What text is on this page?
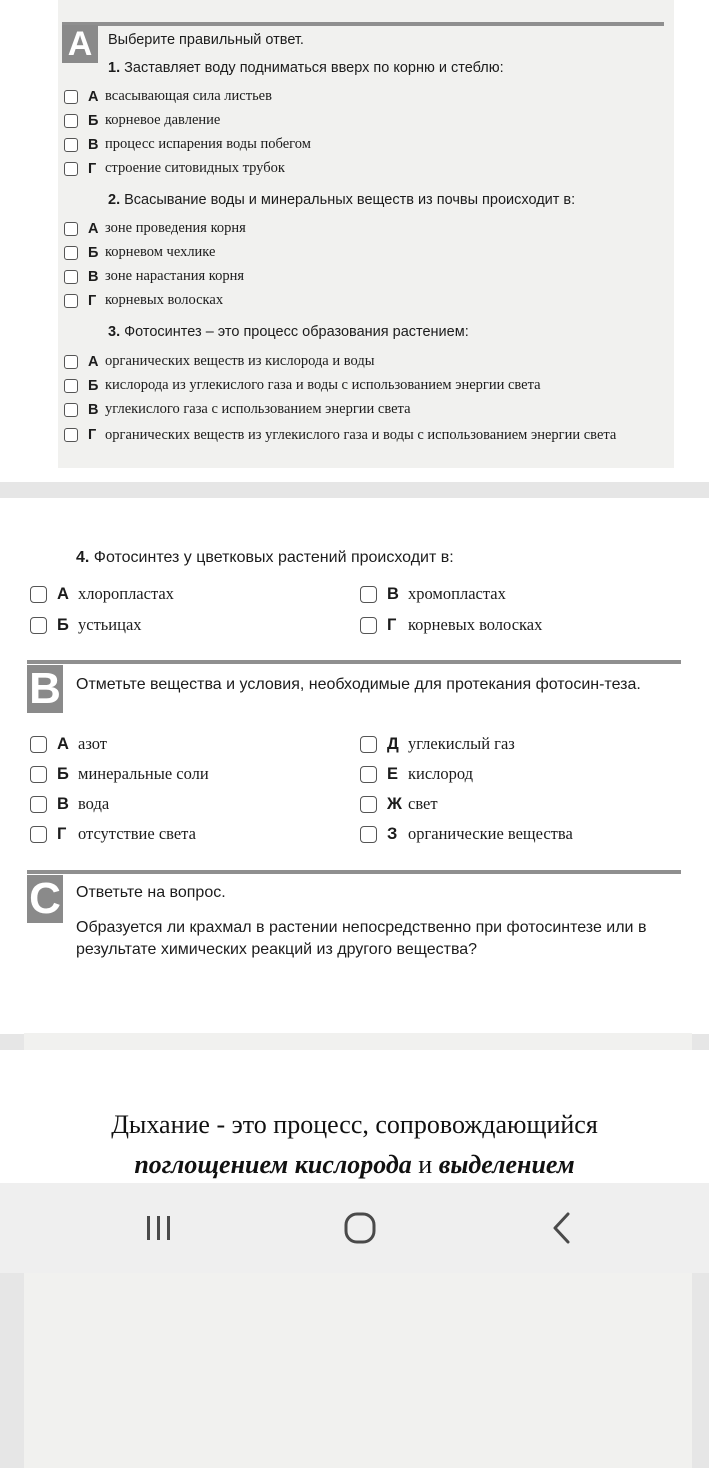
A	Выберите правильный ответ.
1. Заставляет воду подниматься вверх по корню и стеблю:
А всасывающая сила листьев
Б корневое давление
В процесс испарения воды побегом
Г строение ситовидных трубок
2. Всасывание воды и минеральных веществ из почвы происходит в:
А зоне проведения корня
Б корневом чехлике
В зоне нарастания корня
Г корневых волосках
3. Фотосинтез – это процесс образования растением:
А органических веществ из кислорода и воды
Б кислорода из углекислого газа и воды с использованием энергии света
В углекислого газа с использованием энергии света
Г органических веществ из углекислого газа и воды с использованием энергии света
4. Фотосинтез у цветковых растений происходит в:
А хлоропластах	В хромопластах
Б устьицах	Г корневых волосках
B Отметьте вещества и условия, необходимые для протекания фотосин-теза.
А азот	Д углекислый газ
Б минеральные соли	Е кислород
В вода	Ж свет
Г отсутствие света	З органические вещества
C Ответьте на вопрос.
Образуется ли крахмал в растении непосредственно при фотосинтезе или в результате химических реакций из другого вещества?
Дыхание - это процесс, сопровождающийся
поглощением кислорода и выделением
